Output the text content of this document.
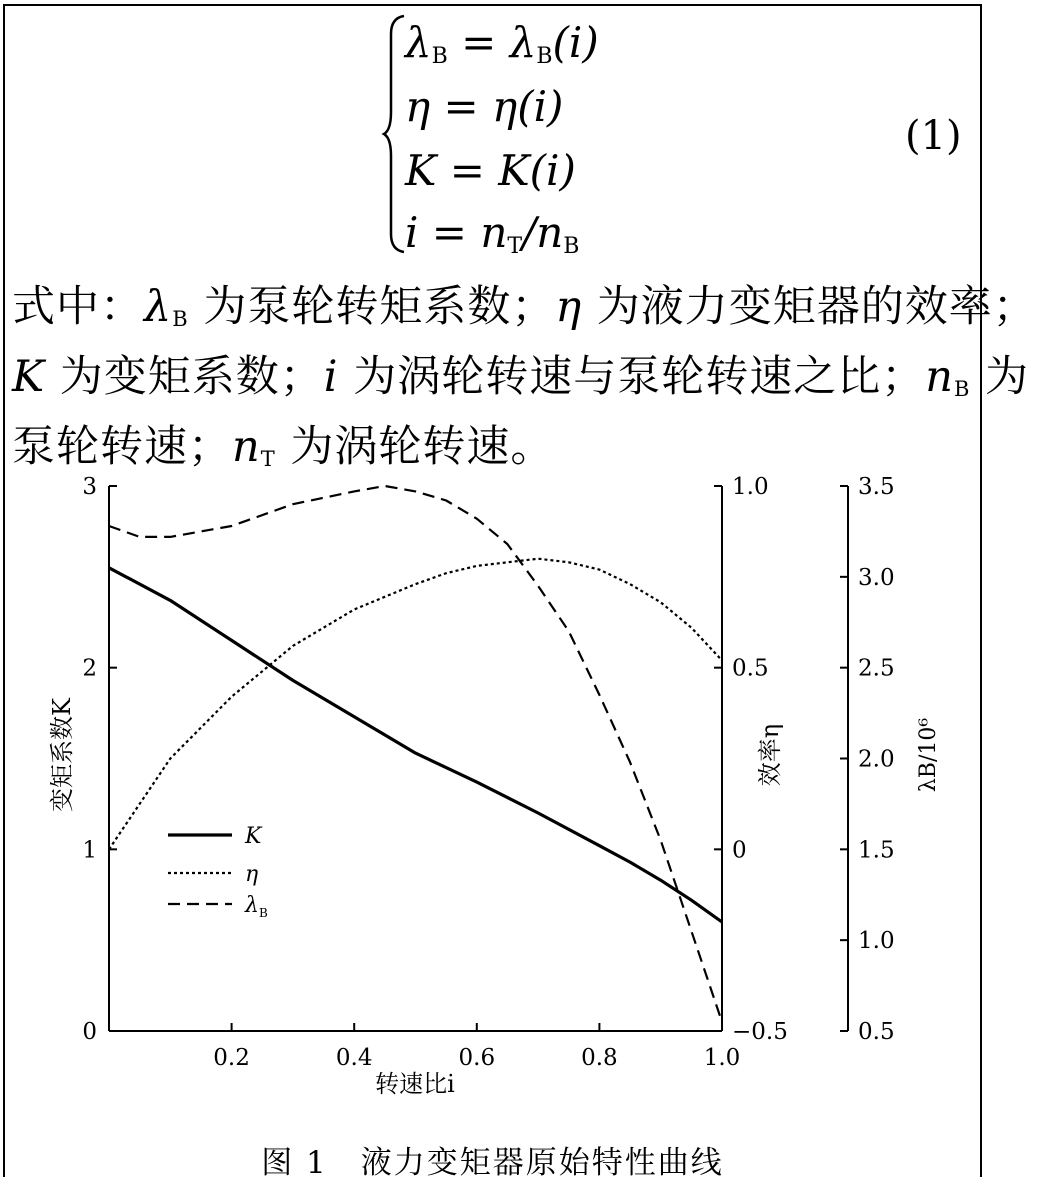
$\lambda_B = \lambda_B(i)$
η = η(i)
K = K(i)
$i = n_T/n_B$
(1)
式中：$\lambda_B$ 为泵轮转矩系数；η 为液力变矩器的效率；
K 为变矩系数；i 为涡轮转速与泵轮转速之比；$n_B$ 为
泵轮转速；$n_T$ 为涡轮转速。
0.2	0.4	0.6	0.8	1.0
转速比i
0
1
2
3
−0.5
0
0.5
1.0
0.5
1.0
1.5
2.0
2.5
3.0
3.5
变矩系数K	效率η	λB/10⁶
K
η
$\lambda_B$
图 1　液力变矩器原始特性曲线
